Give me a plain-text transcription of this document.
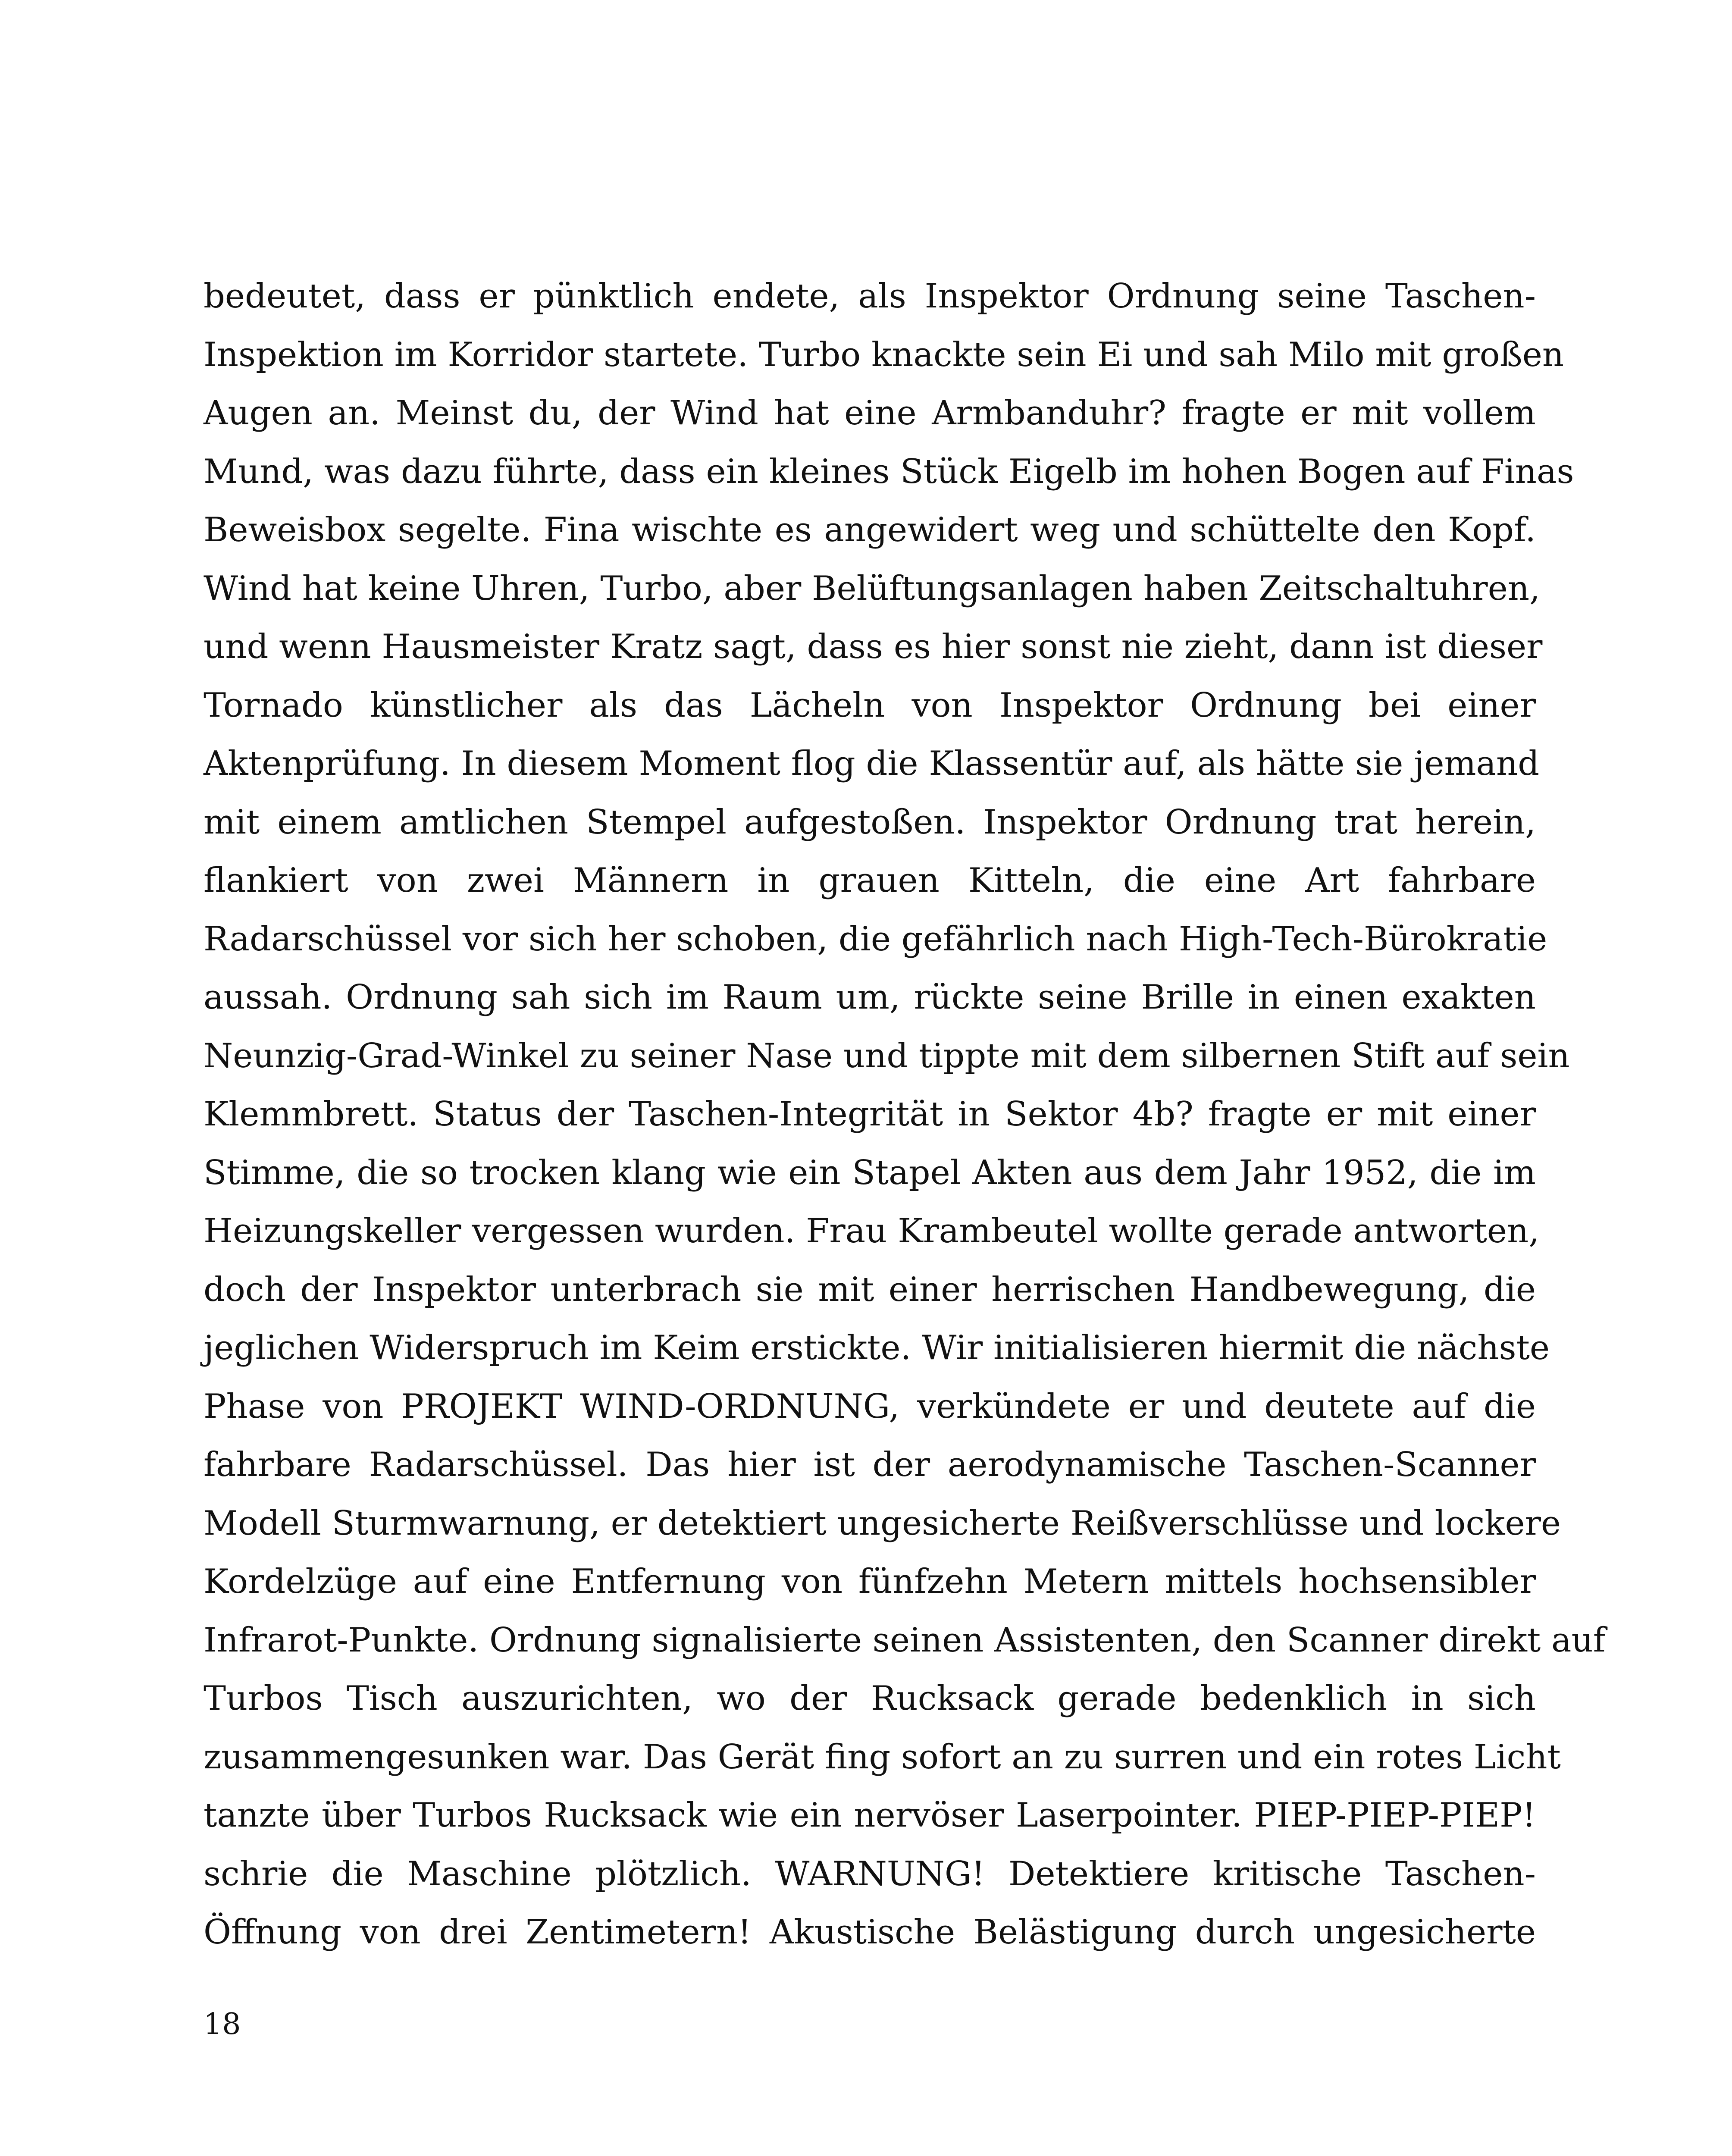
bedeutet, dass er pünktlich endete, als Inspektor Ordnung seine Taschen-
Inspektion im Korridor startete. Turbo knackte sein Ei und sah Milo mit großen
Augen an. Meinst du, der Wind hat eine Armbanduhr? fragte er mit vollem
Mund, was dazu führte, dass ein kleines Stück Eigelb im hohen Bogen auf Finas
Beweisbox segelte. Fina wischte es angewidert weg und schüttelte den Kopf.
Wind hat keine Uhren, Turbo, aber Belüftungsanlagen haben Zeitschaltuhren,
und wenn Hausmeister Kratz sagt, dass es hier sonst nie zieht, dann ist dieser
Tornado künstlicher als das Lächeln von Inspektor Ordnung bei einer
Aktenprüfung. In diesem Moment flog die Klassentür auf, als hätte sie jemand
mit einem amtlichen Stempel aufgestoßen. Inspektor Ordnung trat herein,
flankiert von zwei Männern in grauen Kitteln, die eine Art fahrbare
Radarschüssel vor sich her schoben, die gefährlich nach High-Tech-Bürokratie
aussah. Ordnung sah sich im Raum um, rückte seine Brille in einen exakten
Neunzig-Grad-Winkel zu seiner Nase und tippte mit dem silbernen Stift auf sein
Klemmbrett. Status der Taschen-Integrität in Sektor 4b? fragte er mit einer
Stimme, die so trocken klang wie ein Stapel Akten aus dem Jahr 1952, die im
Heizungskeller vergessen wurden. Frau Krambeutel wollte gerade antworten,
doch der Inspektor unterbrach sie mit einer herrischen Handbewegung, die
jeglichen Widerspruch im Keim erstickte. Wir initialisieren hiermit die nächste
Phase von PROJEKT WIND-ORDNUNG, verkündete er und deutete auf die
fahrbare Radarschüssel. Das hier ist der aerodynamische Taschen-Scanner
Modell Sturmwarnung, er detektiert ungesicherte Reißverschlüsse und lockere
Kordelzüge auf eine Entfernung von fünfzehn Metern mittels hochsensibler
Infrarot-Punkte. Ordnung signalisierte seinen Assistenten, den Scanner direkt auf
Turbos Tisch auszurichten, wo der Rucksack gerade bedenklich in sich
zusammengesunken war. Das Gerät fing sofort an zu surren und ein rotes Licht
tanzte über Turbos Rucksack wie ein nervöser Laserpointer. PIEP-PIEP-PIEP!
schrie die Maschine plötzlich. WARNUNG! Detektiere kritische Taschen-
Öffnung von drei Zentimetern! Akustische Belästigung durch ungesicherte

18
